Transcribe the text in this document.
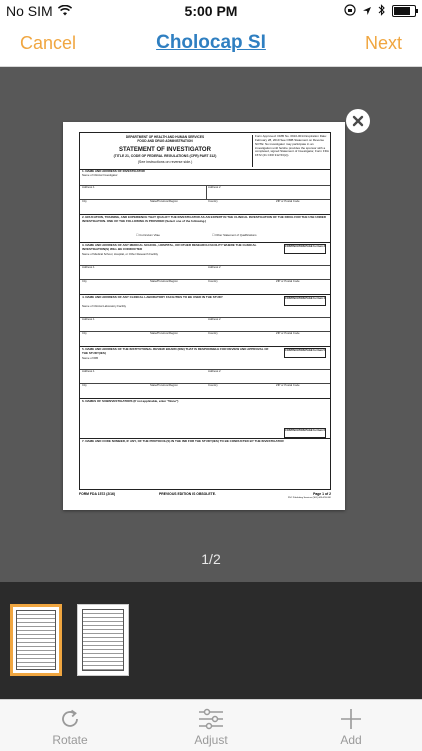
No SIM	5:00 PM
Cancel	Cholocap SI	Next
DEPARTMENT OF HEALTH AND HUMAN SERVICES
FOOD AND DRUG ADMINISTRATION
STATEMENT OF INVESTIGATOR
(TITLE 21, CODE OF FEDERAL REGULATIONS (CFR) PART 312)
(See instructions on reverse side.)
Form Approved: OMB No. 0910-0014 Expiration Date: February 28, 2019 See OMB Statement on Reverse
NOTE: No investigator may participate in an investigation until he/she provides the sponsor with a completed, signed Statement of Investigator, Form FDA 1572 (21 CFR 312.53(c)).
1. NAME AND ADDRESS OF INVESTIGATOR
Name of Clinical Investigator
Address 1	Address 2
City	State/Province/Region	Country	ZIP or Postal Code
2. EDUCATION, TRAINING, AND EXPERIENCE THAT QUALIFY THE INVESTIGATOR AS AN EXPERT IN THE CLINICAL INVESTIGATION OF THE DRUG FOR THE USE UNDER INVESTIGATION. ONE OF THE FOLLOWING IS PROVIDED (Select one of the following.)
☐ Curriculum Vitae	☐ Other Statement of Qualifications
3. NAME AND ADDRESS OF ANY MEDICAL SCHOOL, HOSPITAL, OR OTHER RESEARCH FACILITY WHERE THE CLINICAL INVESTIGATION(S) WILL BE CONDUCTED
CONTINUATION PAGE for Item 3
Name of Medical School, Hospital, or Other Research Facility
Address 1	Address 2
City	State/Province/Region	Country	ZIP or Postal Code
4. NAME AND ADDRESS OF ANY CLINICAL LABORATORY FACILITIES TO BE USED IN THE STUDY	CONTINUATION PAGE for Item 4
Name of Clinical Laboratory Facility
Address 1	Address 2
City	State/Province/Region	Country	ZIP or Postal Code
5. NAME AND ADDRESS OF THE INSTITUTIONAL REVIEW BOARD (IRB) THAT IS RESPONSIBLE FOR REVIEW AND APPROVAL OF THE STUDY(IES)
CONTINUATION PAGE for Item 5
Name of IRB
Address 1	Address 2
City	State/Province/Region	Country	ZIP or Postal Code
6. NAMES OF SUBINVESTIGATORS (If not applicable, enter "None")
CONTINUATION PAGE for Item 6
7. NAME AND CODE NUMBER, IF ANY, OF THE PROTOCOL(S) IN THE IND FOR THE STUDY(IES) TO BE CONDUCTED BY THE INVESTIGATOR
FORM FDA 1572 (2/16)	PREVIOUS EDITION IS OBSOLETE.	Page 1 of 2
PSC Publishing Services (301) 443-6740 EF
1/2
Rotate	Adjust	Add
